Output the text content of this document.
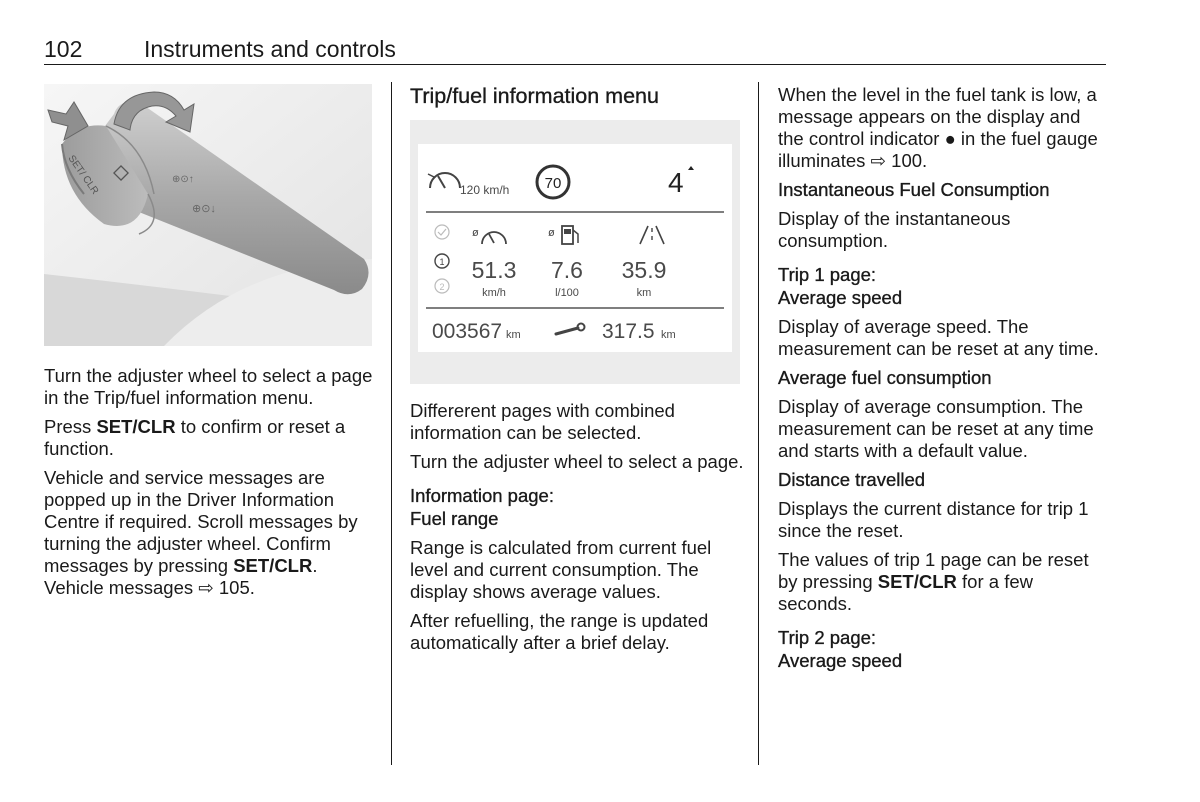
102	Instruments and controls
SET/ CLR	⊕⊙↑
⊕⊙↓

Turn the adjuster wheel to select a page in the Trip/fuel information menu.

Press SET/CLR to confirm or reset a function.

Vehicle and service messages are popped up in the Driver Information Centre if required. Scroll messages by turning the adjuster wheel. Confirm messages by pressing SET/CLR. Vehicle messages ⇨ 105.

Trip/fuel information menu
120 km/h 70	4
1
2
ø	ø
51.3
km/h
7.6
l/100
35.9
km
003567 km	317.5 km

Differerent pages with combined information can be selected.

Turn the adjuster wheel to select a page.

Information page:
Fuel range

Range is calculated from current fuel level and current consumption. The display shows average values.

After refuelling, the range is updated automatically after a brief delay.

When the level in the fuel tank is low, a message appears on the display and the control indicator ● in the fuel gauge illuminates ⇨ 100.

Instantaneous Fuel Consumption

Display of the instantaneous consumption.

Trip 1 page:
Average speed

Display of average speed. The measurement can be reset at any time.

Average fuel consumption

Display of average consumption. The measurement can be reset at any time and starts with a default value.

Distance travelled

Displays the current distance for trip 1 since the reset.

The values of trip 1 page can be reset by pressing SET/CLR for a few seconds.

Trip 2 page:
Average speed
